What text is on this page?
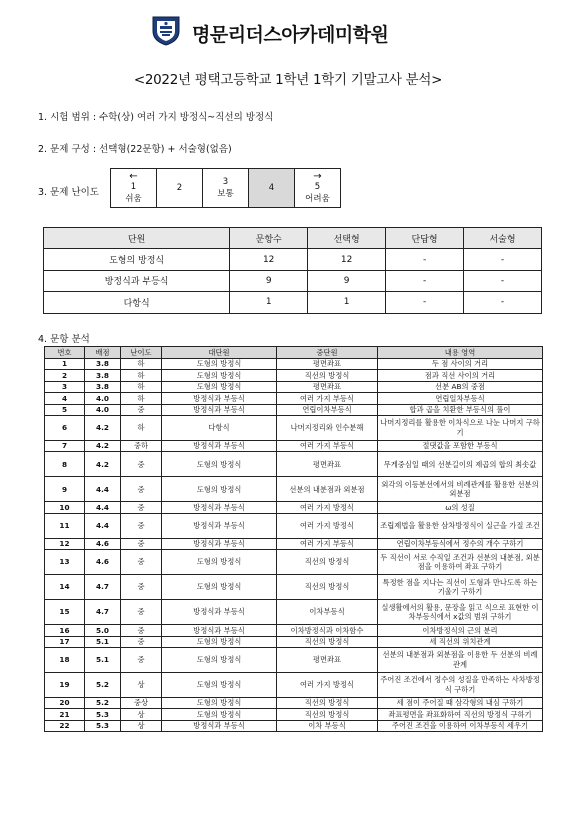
명문리더스아카데미학원
<2022년 평택고등학교 1학년 1학기 기말고사 분석>
1. 시험 범위 : 수학(상) 여러 가지 방정식~직선의 방정식
2. 문제 구성 : 선택형(22문항) + 서술형(없음)
3. 문제 난이도
←
1
쉬움

2

3
보통

4

→
5
어려움
단원	문항수	선택형	단답형	서술형
도형의 방정식	12	12	-	-
방정식과 부등식	9	9	-	-
다항식	1	1	-	-
4. 문항 분석
번호	배점	난이도	대단원	중단원	내용 영역
1	3.8	하	도형의 방정식	평면좌표	두 점 사이의 거리
2	3.8	하	도형의 방정식	직선의 방정식	점과 직선 사이의 거리
3	3.8	하	도형의 방정식	평면좌표	선분 AB의 중점
4	4.0	하	방정식과 부등식	여러 가지 부등식	연립일차부등식
5	4.0	중	방정식과 부등식	연립이차부등식	합과 곱을 치환한 부등식의 풀이
6	4.2	하	다항식	나머지정리와 인수분해	나머지정리를 활용한 이차식으로 나눈 나머지 구하기
7	4.2	중하	방정식과 부등식	여러 가지 부등식	절댓값을 포함한 부등식
8	4.2	중	도형의 방정식	평면좌표	무게중심일 때의 선분길이의 제곱의 합의 최솟값
9	4.4	중	도형의 방정식	선분의 내분점과 외분점	외각의 이등분선에서의 비례관계를 활용한 선분의 외분점
10	4.4	중	방정식과 부등식	여러 가지 방정식	ω의 성질
11	4.4	중	방정식과 부등식	여러 가지 방정식	조립제법을 활용한 삼차방정식이 실근을 가질 조건
12	4.6	중	방정식과 부등식	여러 가지 부등식	연립이차부등식에서 정수의 개수 구하기
13	4.6	중	도형의 방정식	직선의 방정식	두 직선이 서로 수직일 조건과 선분의 내분점, 외분점을 이용하여 좌표 구하기
14	4.7	중	도형의 방정식	직선의 방정식	특정한 점을 지나는 직선이 도형과 만나도록 하는 기울기 구하기
15	4.7	중	방정식과 부등식	이차부등식	실생활에서의 활용, 문장을 읽고 식으로 표현한 이차부등식에서 x값의 범위 구하기
16	5.0	중	방정식과 부등식	이차방정식과 이차함수	이차방정식의 근의 분리
17	5.1	중	도형의 방정식	직선의 방정식	세 직선의 위치관계
18	5.1	중	도형의 방정식	평면좌표	선분의 내분점과 외분점을 이용한 두 선분의 비례관계
19	5.2	상	도형의 방정식	여러 가지 방정식	주어진 조건에서 정수의 성질을 만족하는 사차방정식 구하기
20	5.2	중상	도형의 방정식	직선의 방정식	세 점이 주어질 때 삼각형의 내심 구하기
21	5.3	상	도형의 방정식	직선의 방정식	좌표평면을 좌표화하여 직선의 방정식 구하기
22	5.3	상	방정식과 부등식	이차 부등식	주어진 조건을 이용하여 이차부등식 세우기
